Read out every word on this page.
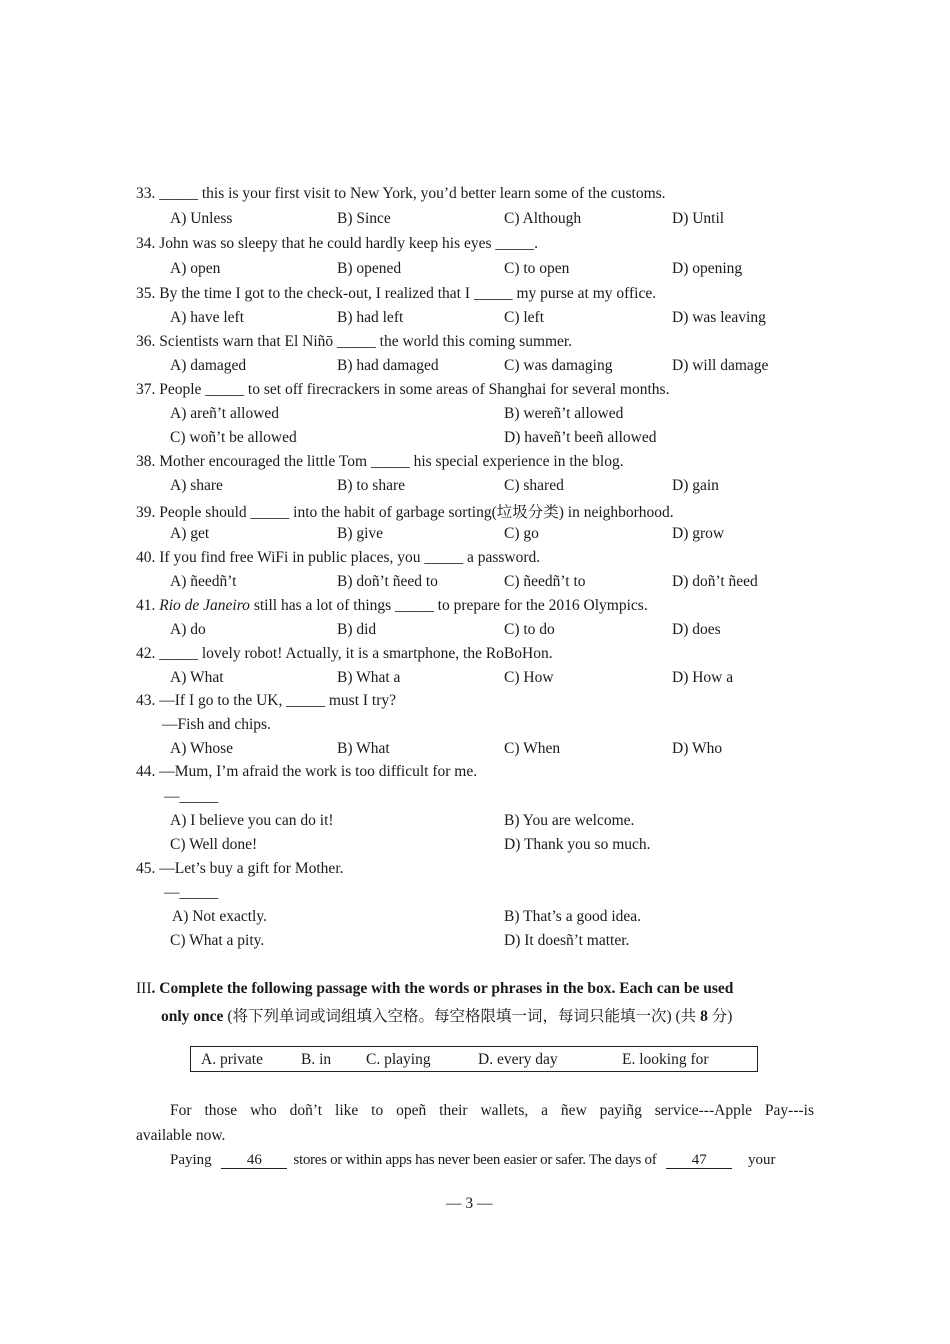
33. _____ this is your first visit to New York, you’d better learn some of the customs.
A) Unless	B) Since	C) Although	D) Until
34. John was so sleepy that he could hardly keep his eyes _____.
A) open	B) opened	C) to open	D) opening
35. By the time I got to the check-out, I realized that I _____ my purse at my office.
A) have left	B) had left	C) left	D) was leaving
36. Scientists warn that El Niñō _____ the world this coming summer.
A) damaged	B) had damaged	C) was damaging	D) will damage
37. People _____ to set off firecrackers in some areas of Shanghai for several months.
A) areñ’t allowed	B) wereñ’t allowed
C) woñ’t be allowed	D) haveñ’t beeñ allowed
38. Mother encouraged the little Tom _____ his special experience in the blog.
A) share	B) to share	C) shared	D) gain
39. People should _____ into the habit of garbage sorting(垃圾分类) in neighborhood.
A) get	B) give	C) go	D) grow
40. If you find free WiFi in public places, you _____ a password.
A) ñeedñ’t	B) doñ’t ñeed to	C) ñeedñ’t to	D) doñ’t ñeed
41. Rio de Janeiro still has a lot of things _____ to prepare for the 2016 Olympics.
A) do	B) did	C) to do	D) does
42. _____ lovely robot! Actually, it is a smartphone, the RoBoHon.
A) What	B) What a	C) How	D) How a
43. —If I go to the UK, _____ must I try?
—Fish and chips.
A) Whose	B) What	C) When	D) Who
44. —Mum, I’m afraid the work is too difficult for me.
—_____
A) I believe you can do it!	B) You are welcome.
C) Well done!	D) Thank you so much.
45. —Let’s buy a gift for Mother.
—_____
A) Not exactly.	B) That’s a good idea.
C) What a pity.	D) It doesñ’t matter.
III. Complete the following passage with the words or phrases in the box. Each can be used
only once (将下列单词或词组填入空格。每空格限填一词，每词只能填一次) (共 8 分)
A. private B. in C. playing	D. every day	E. looking for
For those who doñ’t like to opeñ their wallets, a ñew payiñg service---Apple Pay---is
available now.
Paying 46 stores or within apps has never been easier or safer. The days of 47	your
— 3 —
